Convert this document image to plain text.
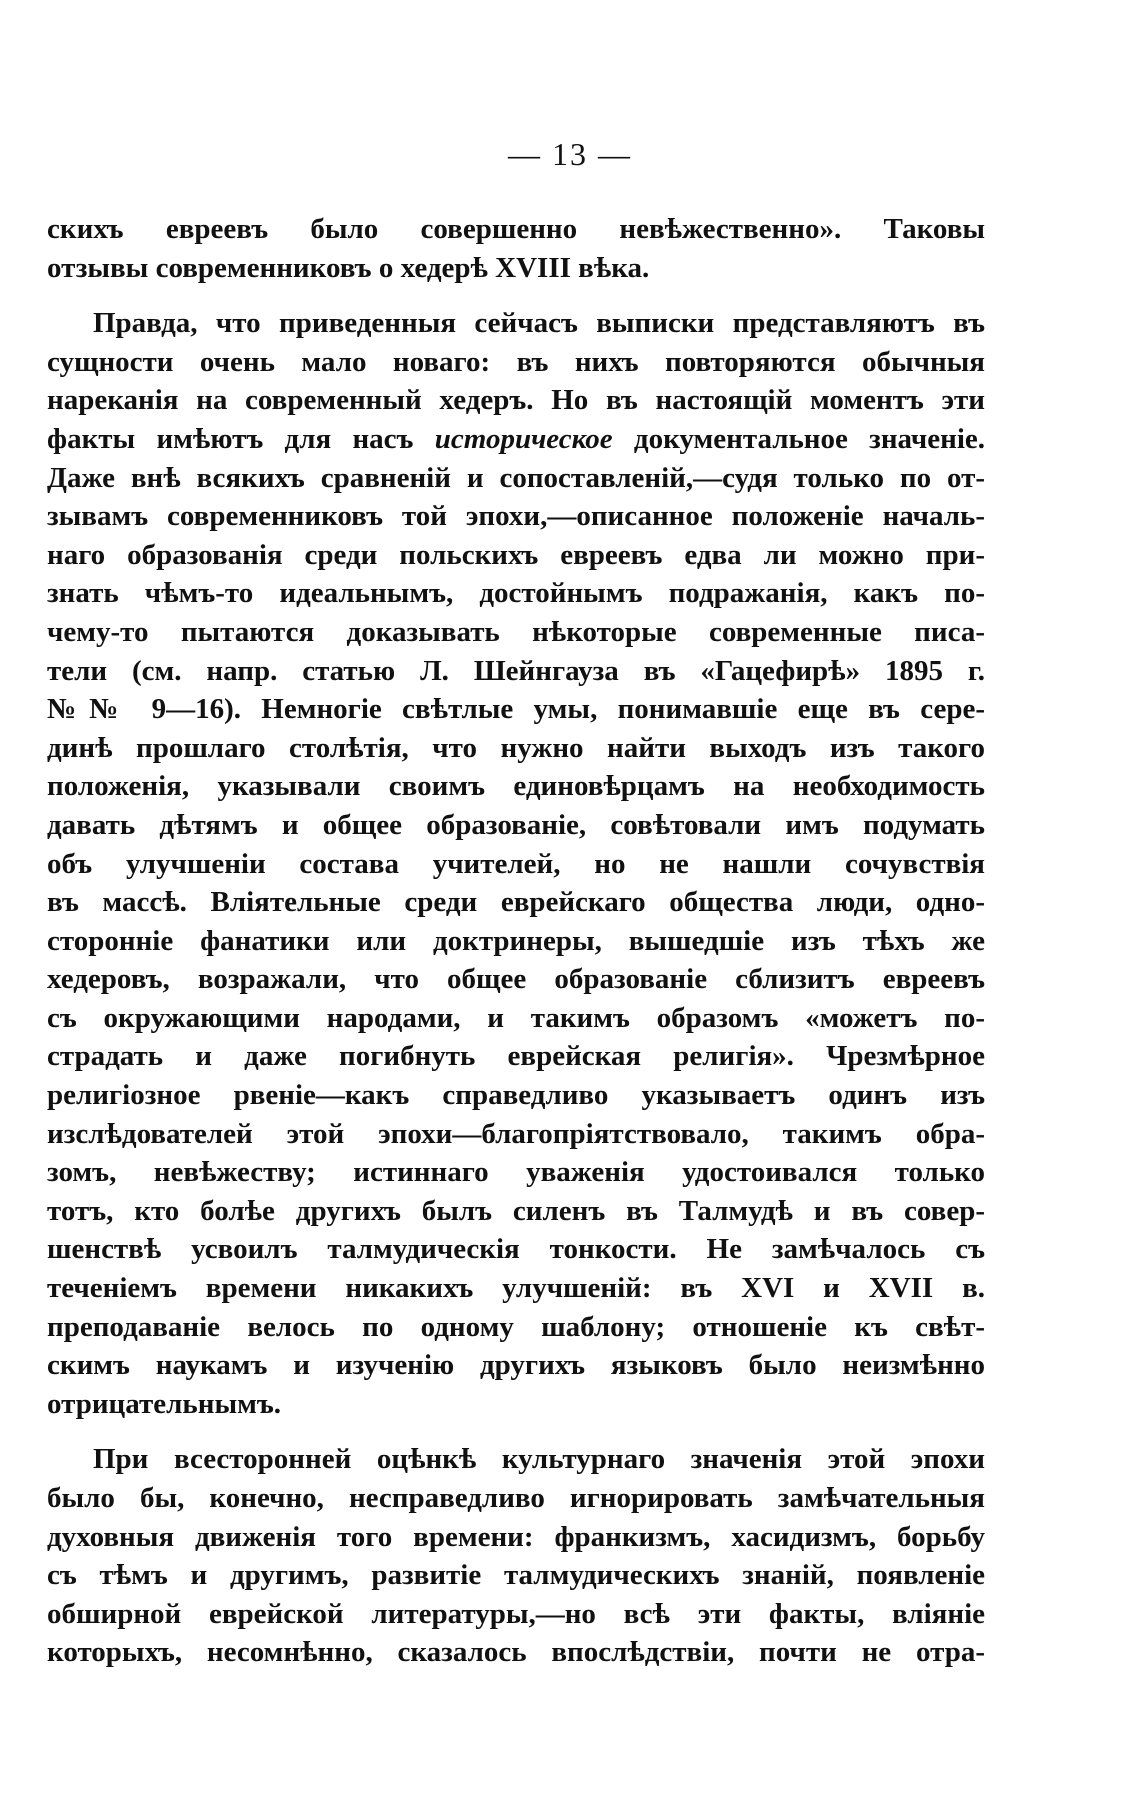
— 13 —

скихъ евреевъ было совершенно невѣжественно». Таковы
отзывы современниковъ о хедерѣ XVIII вѣка.

Правда, что приведенныя сейчасъ выписки представляютъ въ
сущности очень мало новаго: въ нихъ повторяются обычныя
нареканія на современный хедеръ. Но въ настоящій моментъ эти
факты имѣютъ для насъ историческое документальное значеніе.
Даже внѣ всякихъ сравненій и сопоставленій,—судя только по от-
зывамъ современниковъ той эпохи,—описанное положеніе началь-
наго образованія среди польскихъ евреевъ едва ли можно при-
знать чѣмъ-то идеальнымъ, достойнымъ подражанія, какъ по-
чему-то пытаются доказывать нѣкоторые современные писа-
тели (см. напр. статью Л. Шейнгауза въ «Гацефирѣ» 1895 г.
№№ 9—16). Немногіе свѣтлые умы, понимавшіе еще въ сере-
динѣ прошлаго столѣтія, что нужно найти выходъ изъ такого
положенія, указывали своимъ единовѣрцамъ на необходимость
давать дѣтямъ и общее образованіе, совѣтовали имъ подумать
объ улучшеніи состава учителей, но не нашли сочувствія
въ массѣ. Вліятельные среди еврейскаго общества люди, одно-
сторонніе фанатики или доктринеры, вышедшіе изъ тѣхъ же
хедеровъ, возражали, что общее образованіе сблизитъ евреевъ
съ окружающими народами, и такимъ образомъ «можетъ по-
страдать и даже погибнуть еврейская религія». Чрезмѣрное
религіозное рвеніе—какъ справедливо указываетъ одинъ изъ
изслѣдователей этой эпохи—благопріятствовало, такимъ обра-
зомъ, невѣжеству; истиннаго уваженія удостоивался только
тотъ, кто болѣе другихъ былъ силенъ въ Талмудѣ и въ совер-
шенствѣ усвоилъ талмудическія тонкости. Не замѣчалось съ
теченіемъ времени никакихъ улучшеній: въ XVI и XVII в.
преподаваніе велось по одному шаблону; отношеніе къ свѣт-
скимъ наукамъ и изученію другихъ языковъ было неизмѣнно
отрицательнымъ.

При всесторонней оцѣнкѣ культурнаго значенія этой эпохи
было бы, конечно, несправедливо игнорировать замѣчательныя
духовныя движенія того времени: франкизмъ, хасидизмъ, борьбу
съ тѣмъ и другимъ, развитіе талмудическихъ знаній, появленіе
обширной еврейской литературы,—но всѣ эти факты, вліяніе
которыхъ, несомнѣнно, сказалось впослѣдствіи, почти не отра-
